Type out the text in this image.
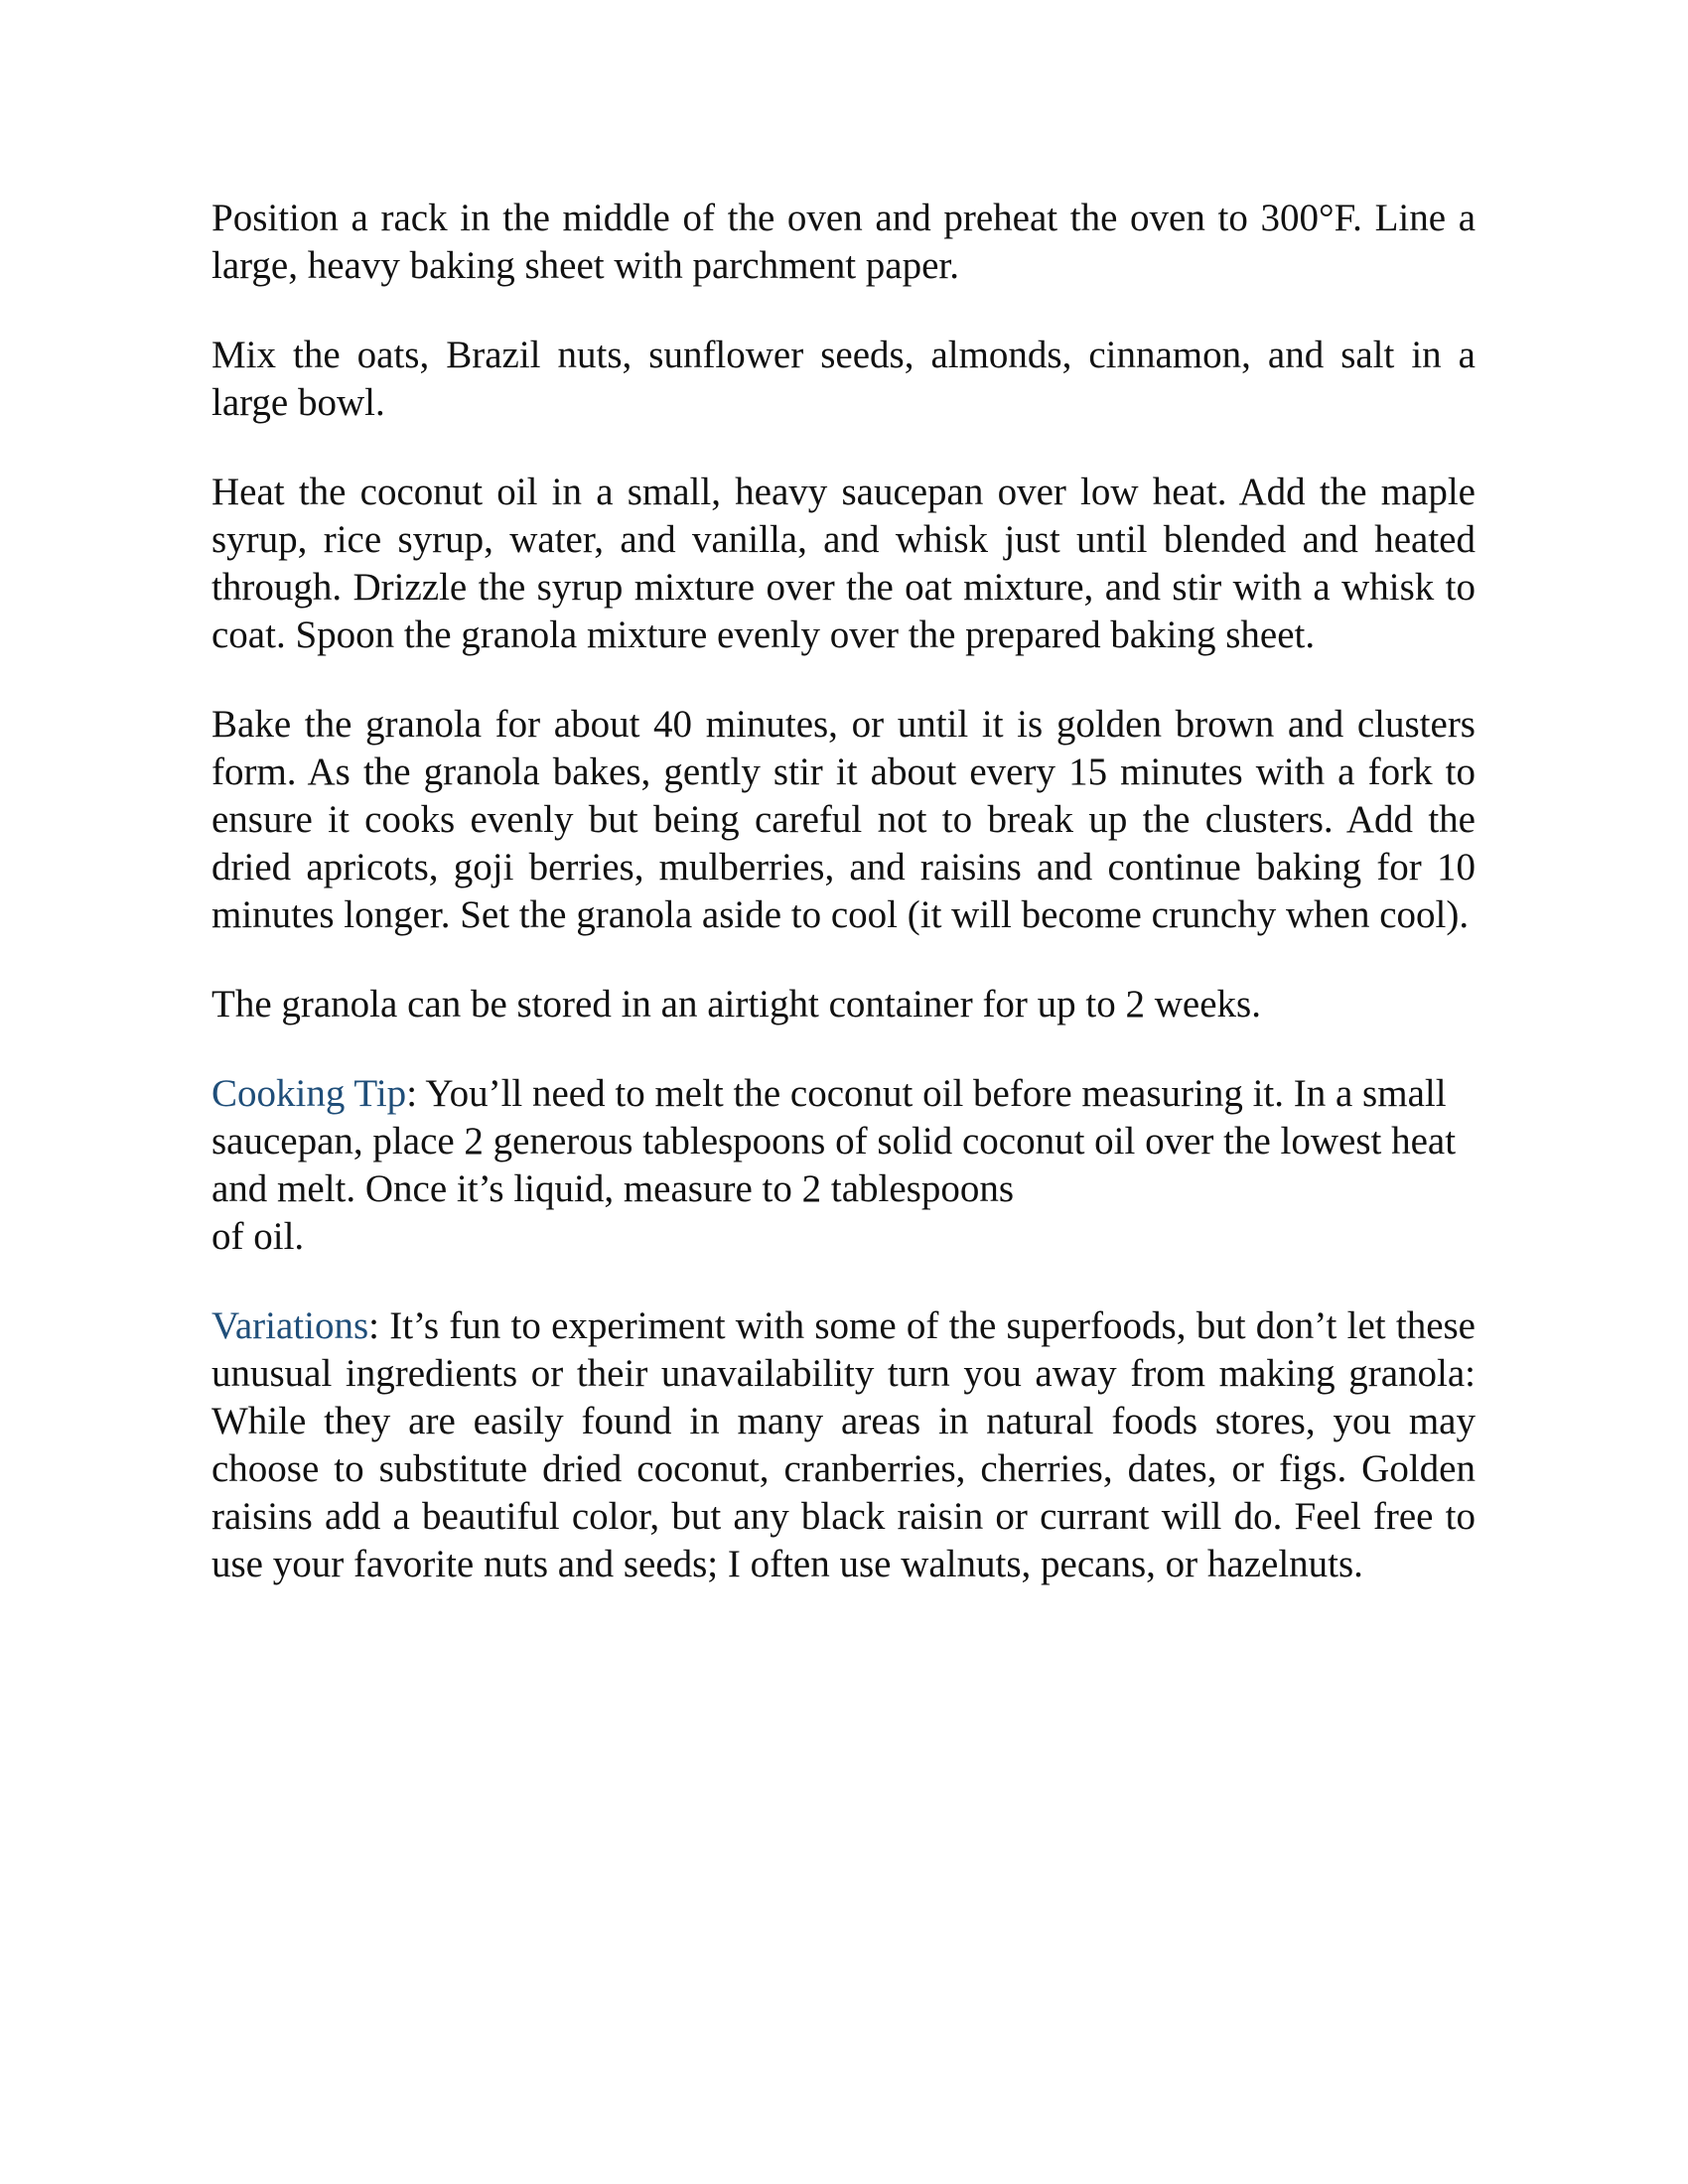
Position a rack in the middle of the oven and preheat the oven to 300°F. Line a large, heavy baking sheet with parchment paper.

Mix the oats, Brazil nuts, sunflower seeds, almonds, cinnamon, and salt in a large bowl.

Heat the coconut oil in a small, heavy saucepan over low heat. Add the maple syrup, rice syrup, water, and vanilla, and whisk just until blended and heated through. Drizzle the syrup mixture over the oat mixture, and stir with a whisk to coat. Spoon the granola mixture evenly over the prepared baking sheet.

Bake the granola for about 40 minutes, or until it is golden brown and clusters form. As the granola bakes, gently stir it about every 15 minutes with a fork to ensure it cooks evenly but being careful not to break up the clusters. Add the dried apricots, goji berries, mulberries, and raisins and continue baking for 10 minutes longer. Set the granola aside to cool (it will become crunchy when cool).

The granola can be stored in an airtight container for up to 2 weeks.

Cooking Tip: You’ll need to melt the coconut oil before measuring it. In a small saucepan, place 2 generous tablespoons of solid coconut oil over the lowest heat and melt. Once it’s liquid, measure to 2 tablespoons
of oil.

Variations: It’s fun to experiment with some of the superfoods, but don’t let these unusual ingredients or their unavailability turn you away from making granola: While they are easily found in many areas in natural foods stores, you may choose to substitute dried coconut, cranberries, cherries, dates, or figs. Golden raisins add a beautiful color, but any black raisin or currant will do. Feel free to use your favorite nuts and seeds; I often use walnuts, pecans, or hazelnuts.
